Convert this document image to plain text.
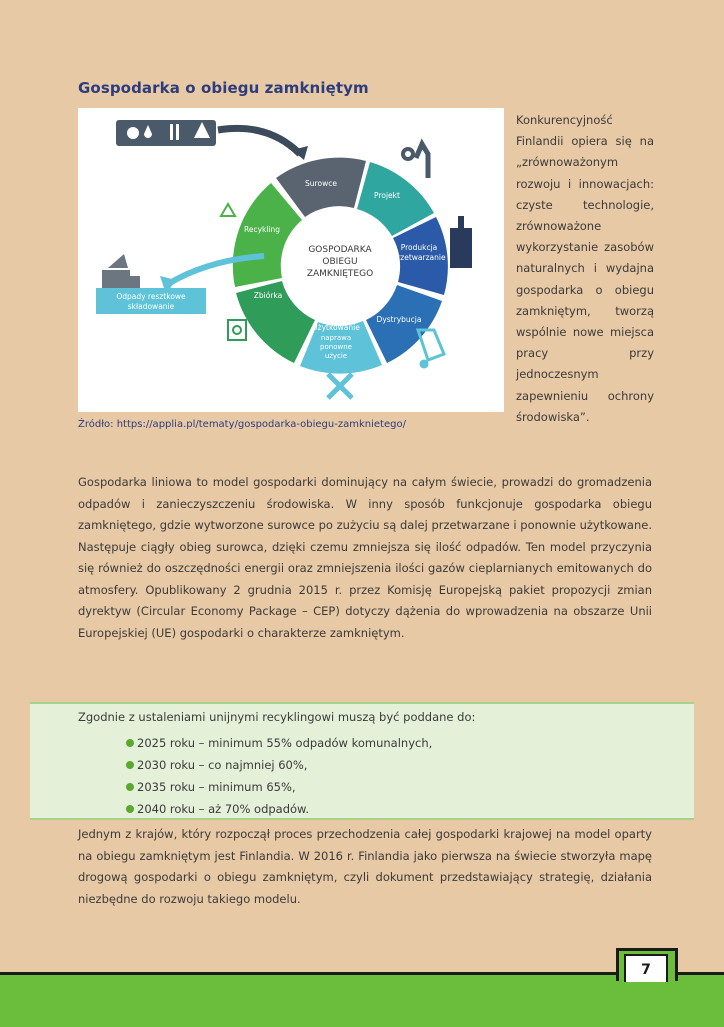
Gospodarka o obiegu zamkniętym
GOSPODARKA
OBIEGU
ZAMKNIĘTEGO
Surowce
Projekt
Produkcja
przetwarzanie
Dystrybucja
Użytkowanie
naprawa
ponowne
użycie
Zbiórka
Recykling
Odpady resztkowe
składowanie
Konkurencyjność Finlandii opiera się na „zrównoważonym rozwoju i innowacjach: czyste technologie, zrównoważone wykorzystanie zasobów naturalnych i wydajna gospodarka o obiegu zamkniętym, tworzą wspólnie nowe miejsca pracy przy jednoczesnym zapewnieniu ochrony środowiska”.
Źródło: https://applia.pl/tematy/gospodarka-obiegu-zamknietego/
Gospodarka liniowa to model gospodarki dominujący na całym świecie, prowadzi do gromadzenia odpadów i zanieczyszczeniu środowiska. W inny sposób funkcjonuje gospodarka obiegu zamkniętego, gdzie wytworzone surowce po zużyciu są dalej przetwarzane i ponownie użytkowane. Następuje ciągły obieg surowca, dzięki czemu zmniejsza się ilość odpadów. Ten model przyczynia się również do oszczędności energii oraz zmniejszenia ilości gazów cieplarnianych emitowanych do atmosfery. Opublikowany 2 grudnia 2015 r. przez Komisję Europejską pakiet propozycji zmian dyrektyw (Circular Economy Package – CEP) dotyczy dążenia do wprowadzenia na obszarze Unii Europejskiej (UE) gospodarki o charakterze zamkniętym.
Zgodnie z ustaleniami unijnymi recyklingowi muszą być poddane do:
2025 roku – minimum 55% odpadów komunalnych,
2030 roku – co najmniej 60%,
2035 roku – minimum 65%,
2040 roku – aż 70% odpadów.
Jednym z krajów, który rozpoczął proces przechodzenia całej gospodarki krajowej na model oparty na obiegu zamkniętym jest Finlandia. W 2016 r. Finlandia jako pierwsza na świecie stworzyła mapę drogową gospodarki o obiegu zamkniętym, czyli dokument przedstawiający strategię, działania niezbędne do rozwoju takiego modelu.
7
